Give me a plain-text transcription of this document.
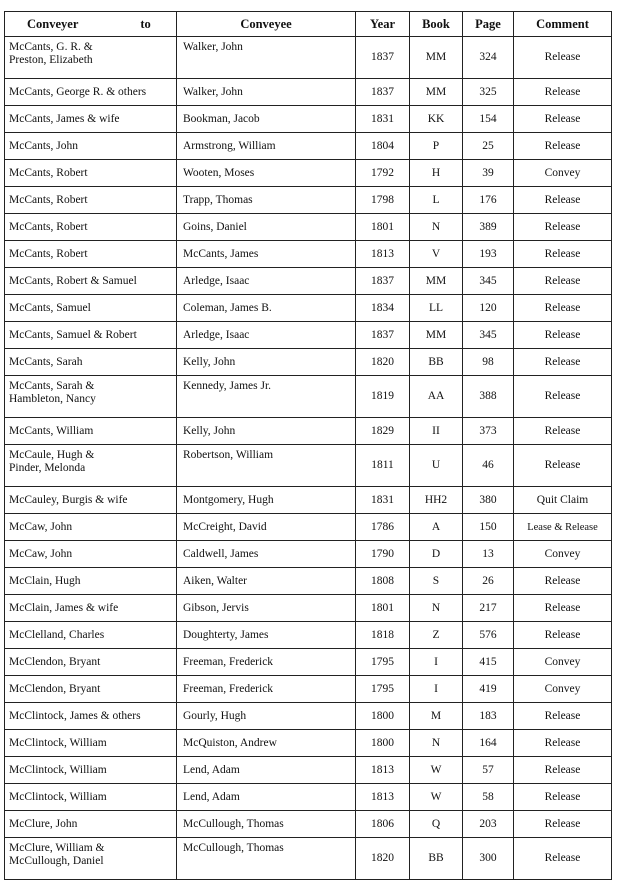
Conveyer to	Conveyee	Year	Book	Page	Comment
McCants, G. R. &
Preston, Elizabeth	Walker, John	1837	MM	324	Release
McCants, George R. & others	Walker, John	1837	MM	325	Release
McCants, James & wife	Bookman, Jacob	1831	KK	154	Release
McCants, John	Armstrong, William	1804	P	25	Release
McCants, Robert	Wooten, Moses	1792	H	39	Convey
McCants, Robert	Trapp, Thomas	1798	L	176	Release
McCants, Robert	Goins, Daniel	1801	N	389	Release
McCants, Robert	McCants, James	1813	V	193	Release
McCants, Robert & Samuel	Arledge, Isaac	1837	MM	345	Release
McCants, Samuel	Coleman, James B.	1834	LL	120	Release
McCants, Samuel & Robert	Arledge, Isaac	1837	MM	345	Release
McCants, Sarah	Kelly, John	1820	BB	98	Release
McCants, Sarah &
Hambleton, Nancy	Kennedy, James Jr.	1819	AA	388	Release
McCants, William	Kelly, John	1829	II	373	Release
McCaule, Hugh &
Pinder, Melonda	Robertson, William	1811	U	46	Release
McCauley, Burgis & wife	Montgomery, Hugh	1831	HH2	380	Quit Claim
McCaw, John	McCreight, David	1786	A	150	Lease & Release
McCaw, John	Caldwell, James	1790	D	13	Convey
McClain, Hugh	Aiken, Walter	1808	S	26	Release
McClain, James & wife	Gibson, Jervis	1801	N	217	Release
McClelland, Charles	Doughterty, James	1818	Z	576	Release
McClendon, Bryant	Freeman, Frederick	1795	I	415	Convey
McClendon, Bryant	Freeman, Frederick	1795	I	419	Convey
McClintock, James & others	Gourly, Hugh	1800	M	183	Release
McClintock, William	McQuiston, Andrew	1800	N	164	Release
McClintock, William	Lend, Adam	1813	W	57	Release
McClintock, William	Lend, Adam	1813	W	58	Release
McClure, John	McCullough, Thomas	1806	Q	203	Release
McClure, William &
McCullough, Daniel	McCullough, Thomas	1820	BB	300	Release
